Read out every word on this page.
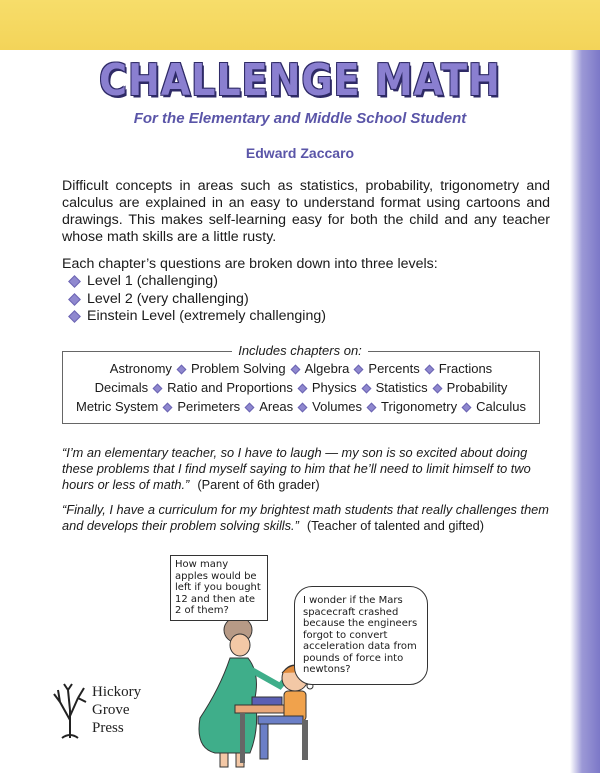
CHALLENGE MATH
For the Elementary and Middle School Student
Edward Zaccaro
Difficult concepts in areas such as statistics, probability, trigonometry and calculus are explained in an easy to understand format using cartoons and drawings. This makes self-learning easy for both the child and any teacher whose math skills are a little rusty.
Each chapter’s questions are broken down into three levels:
Level 1 (challenging)
Level 2 (very challenging)
Einstein Level (extremely challenging)
Includes chapters on:
Astronomy Problem Solving Algebra Percents Fractions
Decimals Ratio and Proportions Physics Statistics Probability
Metric System Perimeters Areas Volumes Trigonometry Calculus
“I’m an elementary teacher, so I have to laugh — my son is so excited about doing these problems that I find myself saying to him that he’ll need to limit himself to two hours or less of math.” (Parent of 6th grader)
“Finally, I have a curriculum for my brightest math students that really challenges them and develops their problem solving skills.” (Teacher of talented and gifted)
How many apples would be left if you bought 12 and then ate 2 of them?
I wonder if the Mars spacecraft crashed because the engineers forgot to convert acceleration data from pounds of force into newtons?
Hickory
Grove
Press
